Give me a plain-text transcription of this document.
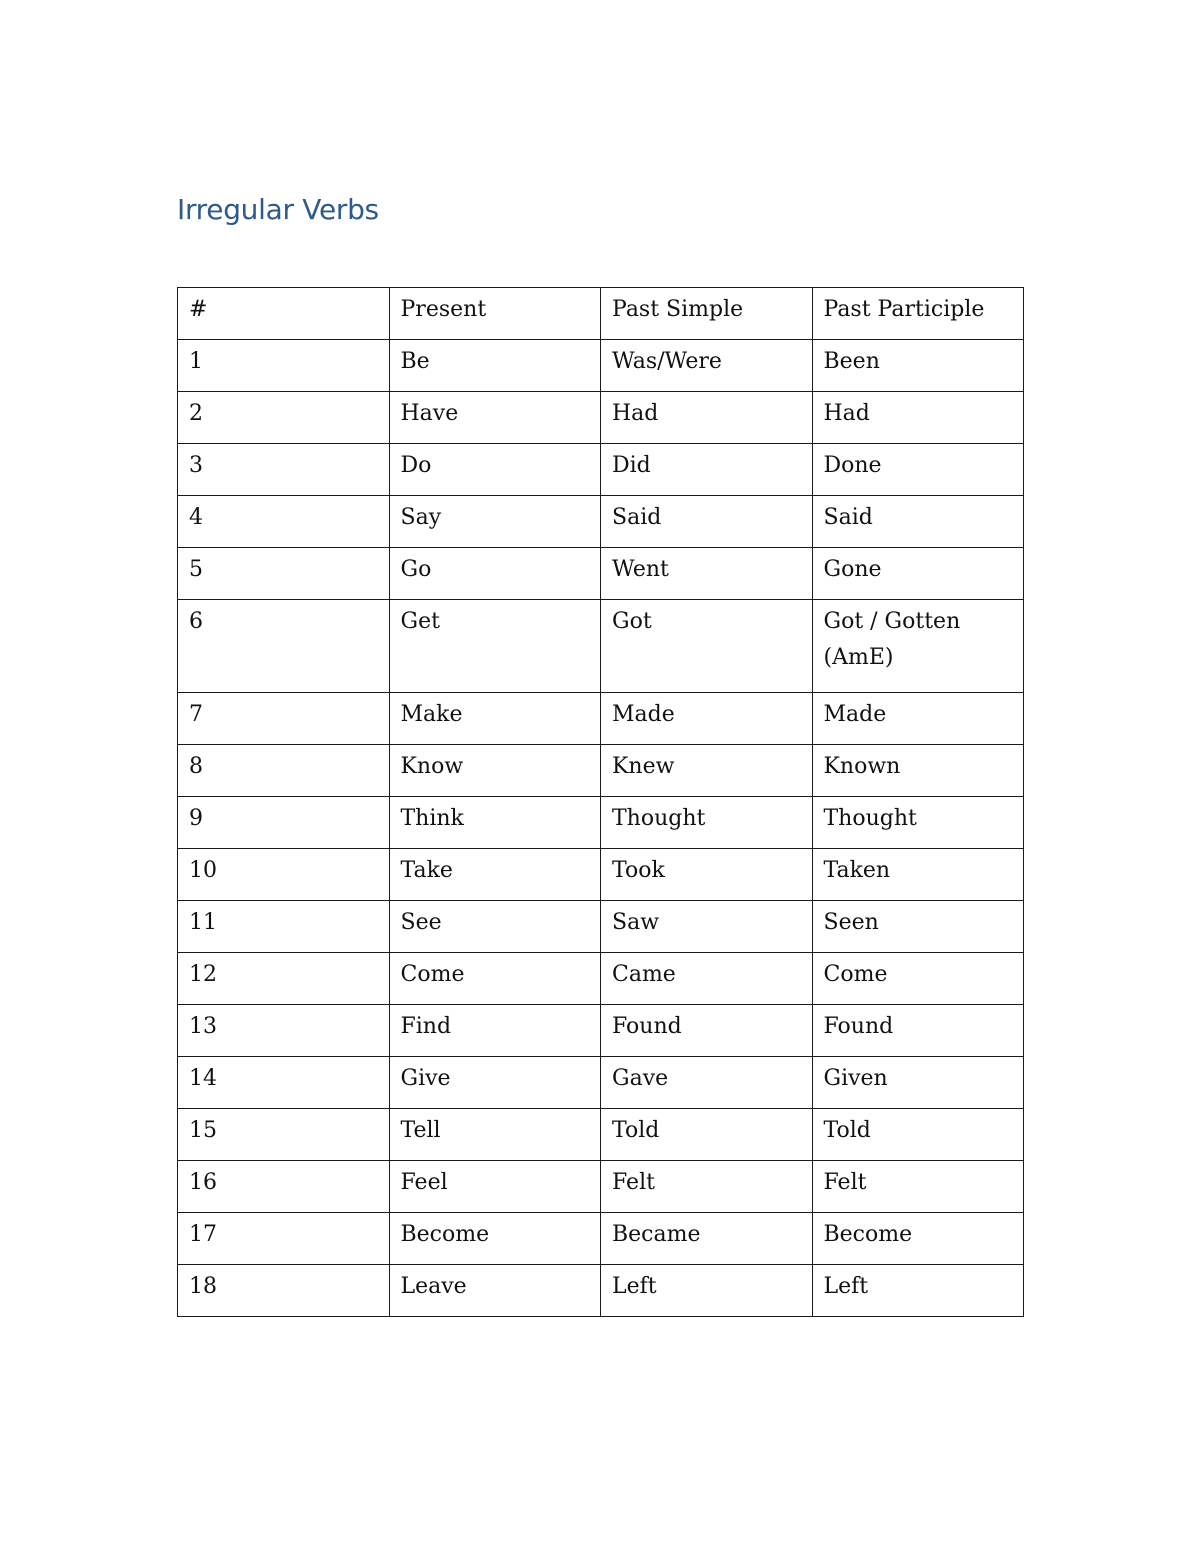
Irregular Verbs
#	Present	Past Simple	Past Participle
1	Be	Was/Were	Been
2	Have	Had	Had
3	Do	Did	Done
4	Say	Said	Said
5	Go	Went	Gone
6	Get	Got	Got / Gotten (AmE)
7	Make	Made	Made
8	Know	Knew	Known
9	Think	Thought	Thought
10	Take	Took	Taken
11	See	Saw	Seen
12	Come	Came	Come
13	Find	Found	Found
14	Give	Gave	Given
15	Tell	Told	Told
16	Feel	Felt	Felt
17	Become	Became	Become
18	Leave	Left	Left
